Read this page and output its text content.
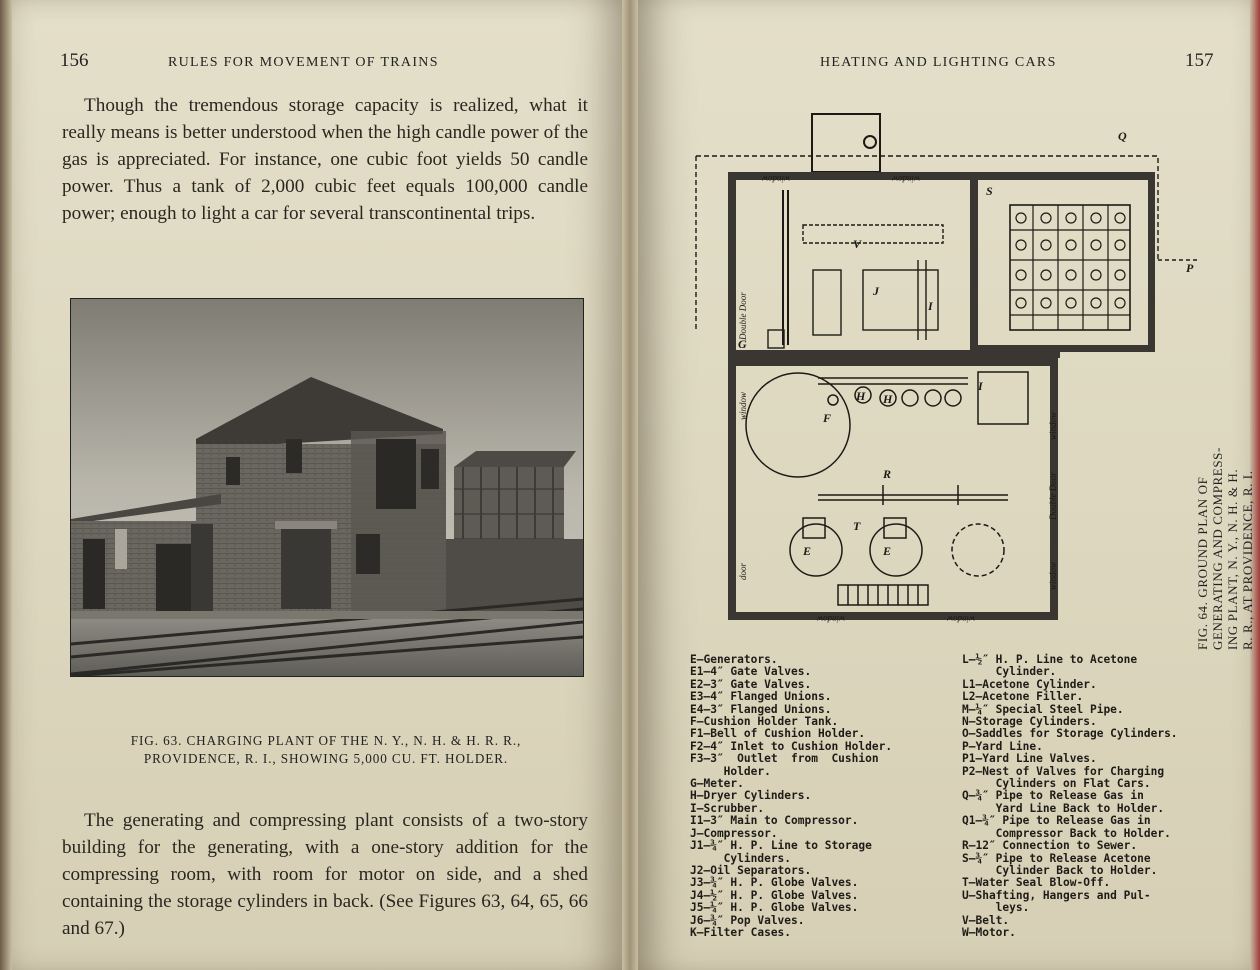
156	RULES FOR MOVEMENT OF TRAINS

Though the tremendous storage capacity is realized, what it really means is better understood when the high candle power of the gas is appreciated. For instance, one cubic foot yields 50 candle power. Thus a tank of 2,000 cubic feet equals 100,000 candle power; enough to light a car for several transcontinental trips.

FIG. 63. CHARGING PLANT OF THE N. Y., N. H. & H. R. R.,
PROVIDENCE, R. I., SHOWING 5,000 CU. FT. HOLDER.

The generating and compressing plant consists of a two-story building for the generating, with a one-story addition for the compressing room, with room for motor on side, and a shed containing the storage cylinders in back. (See Figures 63, 64, 65, 66 and 67.)

HEATING AND LIGHTING CARS	157
window	window
window	window
Double Door
window
door
Double Door
window
window
V
J
F
I
H H
E	E
T
R
G
I
S
Q
P
FIG. 64. GROUND PLAN OF GENERATING AND COMPRESS- ING PLANT, N. Y., N. H. & H. R. R., AT PROVIDENCE, R. I.
E—Generators.
E1—4″ Gate Valves.
E2—3″ Gate Valves.
E3—4″ Flanged Unions.
E4—3″ Flanged Unions.
F—Cushion Holder Tank.
F1—Bell of Cushion Holder.
F2—4″ Inlet to Cushion Holder.
F3—3″  Outlet  from  Cushion
Holder.
G—Meter.
H—Dryer Cylinders.
I—Scrubber.
I1—3″ Main to Compressor.
J—Compressor.
J1—¾″ H. P. Line to Storage
Cylinders.
J2—Oil Separators.
J3—¾″ H. P. Globe Valves.
J4—½″ H. P. Globe Valves.
J5—¼″ H. P. Globe Valves.
J6—¾″ Pop Valves.
K—Filter Cases.
L—½″ H. P. Line to Acetone
Cylinder.
L1—Acetone Cylinder.
L2—Acetone Filler.
M—¼″ Special Steel Pipe.
N—Storage Cylinders.
O—Saddles for Storage Cylinders.
P—Yard Line.
P1—Yard Line Valves.
P2—Nest of Valves for Charging
Cylinders on Flat Cars.
Q—¾″ Pipe to Release Gas in
Yard Line Back to Holder.
Q1—¾″ Pipe to Release Gas in
Compressor Back to Holder.
R—12″ Connection to Sewer.
S—¾″ Pipe to Release Acetone
Cylinder Back to Holder.
T—Water Seal Blow-Off.
U—Shafting, Hangers and Pul-
leys.
V—Belt.
W—Motor.
